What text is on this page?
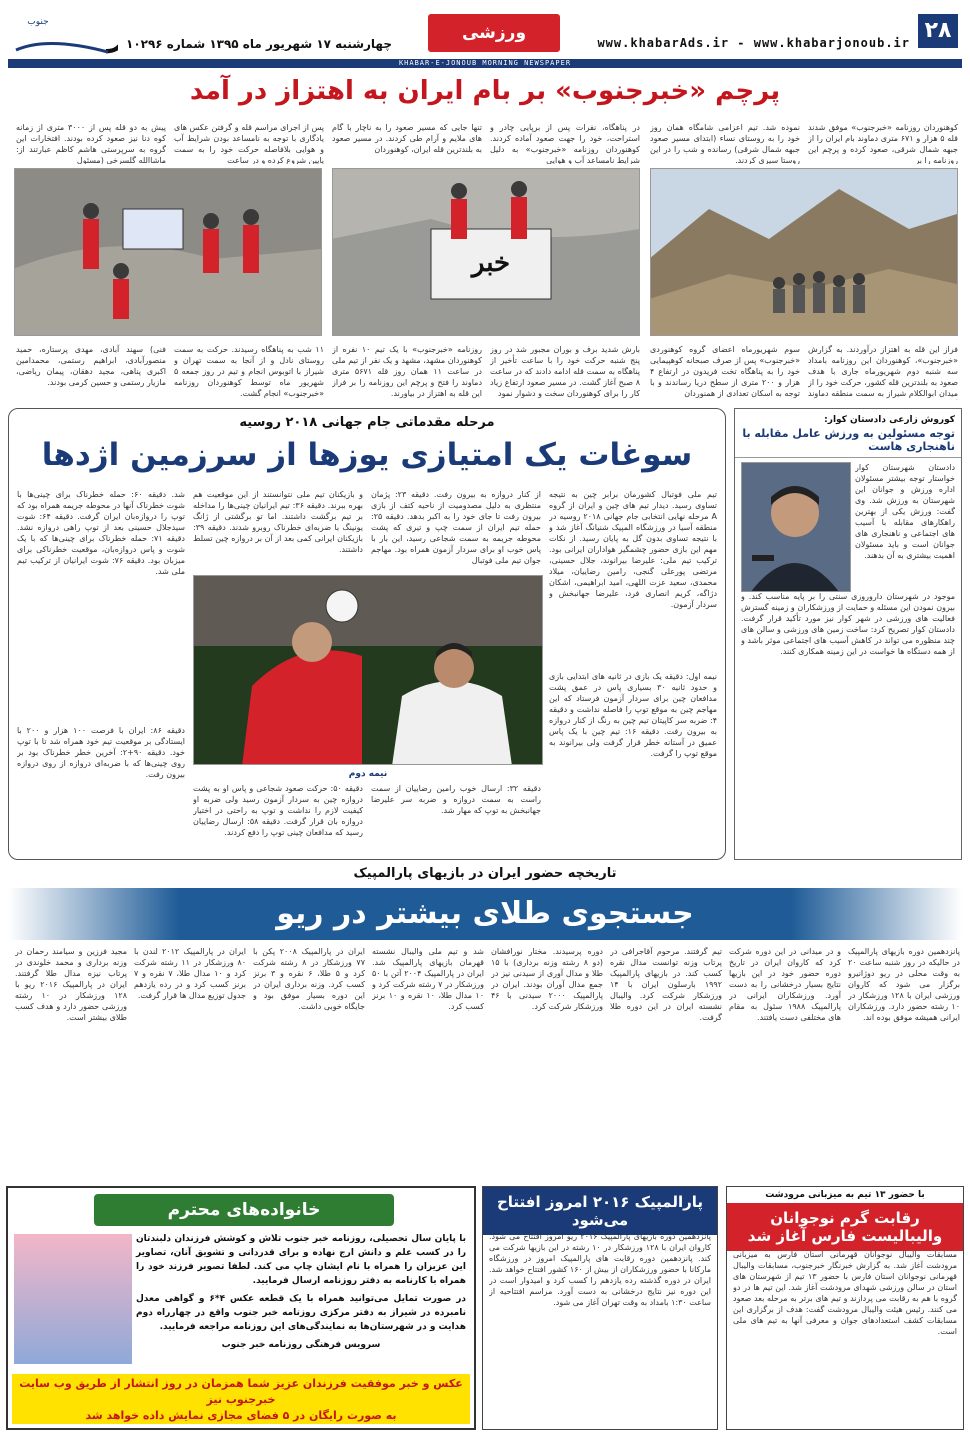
۲۸
www.khabarAds.ir - www.khabarjonoub.ir
ورزشی
چهارشنبه ۱۷ شهریور ماه ۱۳۹۵ شماره ۱۰۲۹۶
جنوب
KHABAR-E-JONOUB MORNING NEWSPAPER
پرچم «خبرجنوب» بر بام ایران به اهتزاز در آمد
کوهنوردان روزنامه «خبرجنوب» موفق شدند قله ۵ هزار و ۶۷۱ متری دماوند بام ایران را از جبهه شمال شرقی، صعود کرده و پرچم این روزنامه را بر
نموده شد. تیم اعزامی شامگاه همان روز خود را به روستای نساء (ابتدای مسیر صعود جبهه شمال شرقی) رسانده و شب را در این روستا سپری کردند.
در پناهگاه، نفرات پس از برپایی چادر و استراحت، خود را جهت صعود آماده کردند. کوهنوردان روزنامه «خبرجنوب» به دلیل شرایط نامساعد آب و هوایی
تنها جایی که مسیر صعود را به ناچار با گام های ملایم و آرام طی کردند. در مسیر صعود به بلندترین قله ایران، کوهنوردان
پس از اجرای مراسم قله و گرفتن عکس های یادگاری با توجه به نامساعد بودن شرایط آب و هوایی بلافاصله حرکت خود را به سمت پایین شروع کرده و در ساعت
پیش به دو قله پس از ۳۰۰۰ متری از زمانه کوه دنا نیز صعود کرده بودند. افتخارات این گروه به سرپرستی هاشم کاظم عبارتند از: ماشاالله گلسرخی (مسئول
خبر
فراز این قله به اهتزاز درآوردند. به گزارش «خبرجنوب»، کوهنوردان این روزنامه بامداد سه شنبه دوم شهریورماه جاری با هدف صعود به بلندترین قله کشور، حرکت خود را از میدان ابوالکلام شیراز به سمت منطقه دماوند
سوم شهریورماه اعضای گروه کوهنوردی «خبرجنوب» پس از صرف صبحانه کوهپیمایی خود را به پناهگاه تخت فریدون در ارتفاع ۴ هزار و ۲۰۰ متری از سطح دریا رساندند و با توجه به اسکان تعدادی از همنوردان
بارش شدید برف و بوران مجبور شد در روز پنج شنبه حرکت خود را با ساعت تأخیر از پناهگاه به سمت قله ادامه دادند که در ساعت ۸ صبح آغاز گشت. در مسیر صعود ارتفاع زیاد کار را برای کوهنوردان سخت و دشوار نمود
روزنامه «خبرجنوب» با یک تیم ۱۰ نفره از کوهنوردان مشهد، مشهد و یک نفر از تیم ملی در ساعت ۱۱ همان روز قله ۵۶۷۱ متری دماوند را فتح و پرچم این روزنامه را بر فراز این قله به اهتزاز در بیاورند.
۱۱ شب به پناهگاه رسیدند. حرکت به سمت روستای نادل و از آنجا به سمت تهران و شیراز با اتوبوس انجام و تیم در روز جمعه ۵ شهریور ماه توسط کوهنوردان روزنامه «خبرجنوب» انجام گشت.
فنی) سهند آبادی، مهدی پرستاره، حمید منصورآبادی، ابراهیم رستمی، محمدامین اکبری پناهی، مجید دهقان، پیمان ریاضی، مازیار رستمی و حسین کرمی بودند.
کوروش زارعی دادستان کوار:
توجه مسئولین به ورزش عامل مقابله با ناهنجاری هاست
دادستان شهرستان کوار خواستار توجه بیشتر مسئولان اداره ورزش و جوانان این شهرستان به ورزش شد. وی گفت: ورزش یکی از بهترین راهکارهای مقابله با آسیب های اجتماعی و ناهنجاری های جوانان است و باید مسئولان اهمیت بیشتری به آن بدهند.
موجود در شهرستان داروروزی سنتی را بر پایه مناسب کند. و بیرون نمودن این مسئله و حمایت از ورزشکاران و زمینه گسترش فعالیت های ورزشی در شهر کوار نیز مورد تأکید قرار گرفت. دادستان کوار تصریح کرد: ساخت زمین های ورزشی و سالن های چند منظوره می تواند در کاهش آسیب های اجتماعی موثر باشد و از همه دستگاه ها خواست در این زمینه همکاری کنند.
مرحله مقدماتی جام جهانی ۲۰۱۸ روسیه
سوغات یک امتیازی یوزها از سرزمین اژدها
تیم ملی فوتبال کشورمان برابر چین به نتیجه تساوی رسید. دیدار تیم های چین و ایران از گروه A مرحله نهایی انتخابی جام جهانی ۲۰۱۸ روسیه در منطقه آسیا در ورزشگاه المپیک شنیانگ آغاز شد و با نتیجه تساوی بدون گل به پایان رسید. از نکات مهم این بازی حضور چشمگیر هواداران ایرانی بود. ترکیب تیم ملی: علیرضا بیرانوند، جلال حسینی، مرتضی پورعلی گنجی، رامین رضاییان، میلاد محمدی، سعید عزت اللهی، امید ابراهیمی، اشکان دژاگه، کریم انصاری فرد، علیرضا جهانبخش و سردار آزمون.
نیمه اول: دقیقه یک بازی در ثانیه های ابتدایی بازی و حدود ثانیه ۳۰ بسیاری پاس در عمق پشت مدافعان چین برای سردار آزمون فرستاد که این مهاجم چین به موقع توپ را فاصله نداشت و دقیقه ۴: ضربه سر کاپیتان تیم چین به رنگ از کنار دروازه به بیرون رفت. دقیقه ۱۶: تیم چین با یک پاس عمیق در آستانه خطر قرار گرفت ولی بیرانوند به موقع توپ را گرفت.
از کنار دروازه به بیرون رفت. دقیقه ۲۳: پژمان منتظری به دلیل مصدومیت از ناحیه کتف از بازی بیرون رفت تا جای خود را به اکبر بدهد. دقیقه ۲۵: حمله تیم ایران از سمت چپ و تیری که پشت محوطه جریمه به سمت شجاعی رسید، این بار با پاس خوب او برای سردار آزمون همراه بود. مهاجم جوان تیم ملی فوتبال
و بازیکنان تیم ملی نتوانستند از این موقعیت هم بهره ببرند. دقیقه ۳۶: تیم ایرانیان چینی‌ها را مداخله بر تیم برگشت داشتند. اما تو برگشتی از ژانگ یونینگ با ضربه‌ای خطرناک روبرو شدند. دقیقه ۳۹: بازیکنان ایرانی کمی بعد از آن بر دروازه چین تسلط داشتند.
شد. دقیقه ۶۰: حمله خطرناک برای چینی‌ها با شوت خطرناک آنها در محوطه جریمه همراه بود که توپ را دروازه‌بان ایران گرفت. دقیقه ۶۴: شوت سیدجلال حسینی بعد از توپ راهی دروازه نشد. دقیقه ۷۱: حمله خطرناک برای چینی‌ها که با یک شوت و پاس دروازه‌بان، موقعیت خطرناکی برای میزبان بود. دقیقه ۷۶: شوت ایرانیان از ترکیب تیم ملی شد.
دقیقه ۸۶: ایران با فرصت ۱۰۰ هزار و ۲۰۰ با ایستادگی بر موقعیت تیم خود همراه شد تا با توپ خود. دقیقه ۹۰+۲: آخرین خطر خطرناک بود بر روی چینی‌ها که با ضربه‌ای دروازه از روی دروازه بیرون رفت.	نیمه دوم
دقیقه ۳۲: ارسال خوب رامین رضاییان از سمت راست به سمت دروازه و ضربه سر علیرضا جهانبخش به توپ که مهار شد.
دقیقه ۵۰: حرکت صعود شجاعی و پاس او به پشت دروازه چین به سردار آزمون رسید ولی ضربه او کیفیت لازم را نداشت و توپ به راحتی در اختیار دروازه بان قرار گرفت. دقیقه ۵۸: ارسال رضاییان رسید که مدافعان چینی توپ را دفع کردند.
تاریخچه حضور ایران در بازیهای پارالمپیک
جستجوی طلای بیشتر در ریو
پانزدهمین دوره بازیهای پارالمپیک در حالیکه در روز شنبه ساعت ۲۰ به وقت محلی در ریو دوژانیرو برگزار می شود که کاروان ورزشی ایران با ۱۲۸ ورزشکار در ۱۰ رشته حضور دارد. ورزشکاران ایرانی همیشه موفق بوده اند.
و در میدانی در این دوره شرکت کرد که کاروان ایران در تاریخ دوره حضور خود در این بازیها نتایج بسیار درخشانی را به دست آورد. ورزشکاران ایرانی در پارالمپیک ۱۹۸۸ سئول به مقام های مختلفی دست یافتند.
تیم گرفتند. مرحوم آقاجرافی در پرتاب وزنه توانست مدال نقره کسب کند. در بازیهای پارالمپیک ۱۹۹۲ بارسلون ایران با ۱۴ ورزشکار شرکت کرد. والیبال نشسته ایران در این دوره طلا گرفت.
دوره پرسیدند. مختار نورافشان (دو ۸ رشته وزنه برداری) با ۱۵ طلا و مدال آوری از سیدنی نیز در جمع مدال آوران بودند. ایران در پارالمپیک ۲۰۰۰ سیدنی با ۴۶ ورزشکار شرکت کرد.
شد و تیم ملی والیبال نشسته قهرمان بازیهای پارالمپیک شد. ایران در پارالمپیک ۲۰۰۴ آتن با ۵۰ ورزشکار در ۷ رشته شرکت کرد و ۱۰ مدال طلا، ۱۰ نقره و ۱۰ برنز کسب کرد.
ایران در پارالمپیک ۲۰۰۸ پکن با ۷۷ ورزشکار در ۸ رشته شرکت کرد و ۵ طلا، ۶ نقره و ۳ برنز کسب کرد. وزنه برداری ایران در این دوره بسیار موفق بود و جایگاه خوبی داشت.
ایران در پارالمپیک ۲۰۱۲ لندن با ۸۰ ورزشکار در ۱۱ رشته شرکت کرد و ۱۰ مدال طلا، ۷ نقره و ۷ برنز کسب کرد و در رده یازدهم جدول توزیع مدال ها قرار گرفت.
مجید فرزین و سیامند رحمان در وزنه برداری و محمد خلوندی در پرتاب نیزه مدال طلا گرفتند. ایران در پارالمپیک ۲۰۱۶ ریو با ۱۲۸ ورزشکار در ۱۰ رشته ورزشی حضور دارد و هدف کسب طلای بیشتر است.
با حضور ۱۳ تیم به میزبانی مرودشت
رقابت گرم نوجوانان والیبالیست فارس آغاز شد
مسابقات والیبال نوجوانان قهرمانی استان فارس به میزبانی مرودشت آغاز شد. به گزارش خبرنگار خبرجنوب، مسابقات والیبال قهرمانی نوجوانان استان فارس با حضور ۱۳ تیم از شهرستان های استان در سالن ورزشی شهدای مرودشت آغاز شد. این تیم ها در دو گروه با هم به رقابت می پردازند و تیم های برتر به مرحله بعد صعود می کنند. رئیس هیئت والیبال مرودشت گفت: هدف از برگزاری این مسابقات کشف استعدادهای جوان و معرفی آنها به تیم های ملی است.
پارالمپیک ۲۰۱۶ امروز افتتاح می‌شود
پانزدهمین دوره بازیهای پارالمپیک ۲۰۱۶ ریو امروز افتتاح می شود. کاروان ایران با ۱۲۸ ورزشکار در ۱۰ رشته در این بازیها شرکت می کند. پانزدهمین دوره رقابت های پارالمپیک امروز در ورزشگاه مارکانا با حضور ورزشکاران از بیش از ۱۶۰ کشور افتتاح خواهد شد. ایران در دوره گذشته رده یازدهم را کسب کرد و امیدوار است در این دوره نیز نتایج درخشانی به دست آورد. مراسم افتتاحیه از ساعت ۱:۳۰ بامداد به وقت تهران آغاز می شود.
خانواده‌های محترم

با پایان سال تحصیلی، روزنامه خبر جنوب تلاش و کوشش فرزندان دلبندتان را در کسب علم و دانش ارج نهاده و برای قدردانی و تشویق آنان، تصاویر این عزیزان را همراه با نام ایشان چاپ می کند. لطفا تصویر فرزند خود را همراه با کارنامه به دفتر روزنامه ارسال فرمایید.

در صورت تمایل می‌توانید همراه با یک قطعه عکس ۴*۶ و گواهی معدل نامبرده در شیراز به دفتر مرکزی روزنامه خبر جنوب واقع در چهارراه دوم هدایت و در شهرستان‌ها به نمایندگی‌های این روزنامه مراجعه فرمایید.

سرویس فرهنگی روزنامه خبر جنوب

عکس و خبر موفقیت فرزندان عزیز شما همزمان در روز انتشار از طریق وب سایت خبرجنوب نیز
به صورت رایگان در ۵ فضای مجازی نمایش داده خواهد شد
